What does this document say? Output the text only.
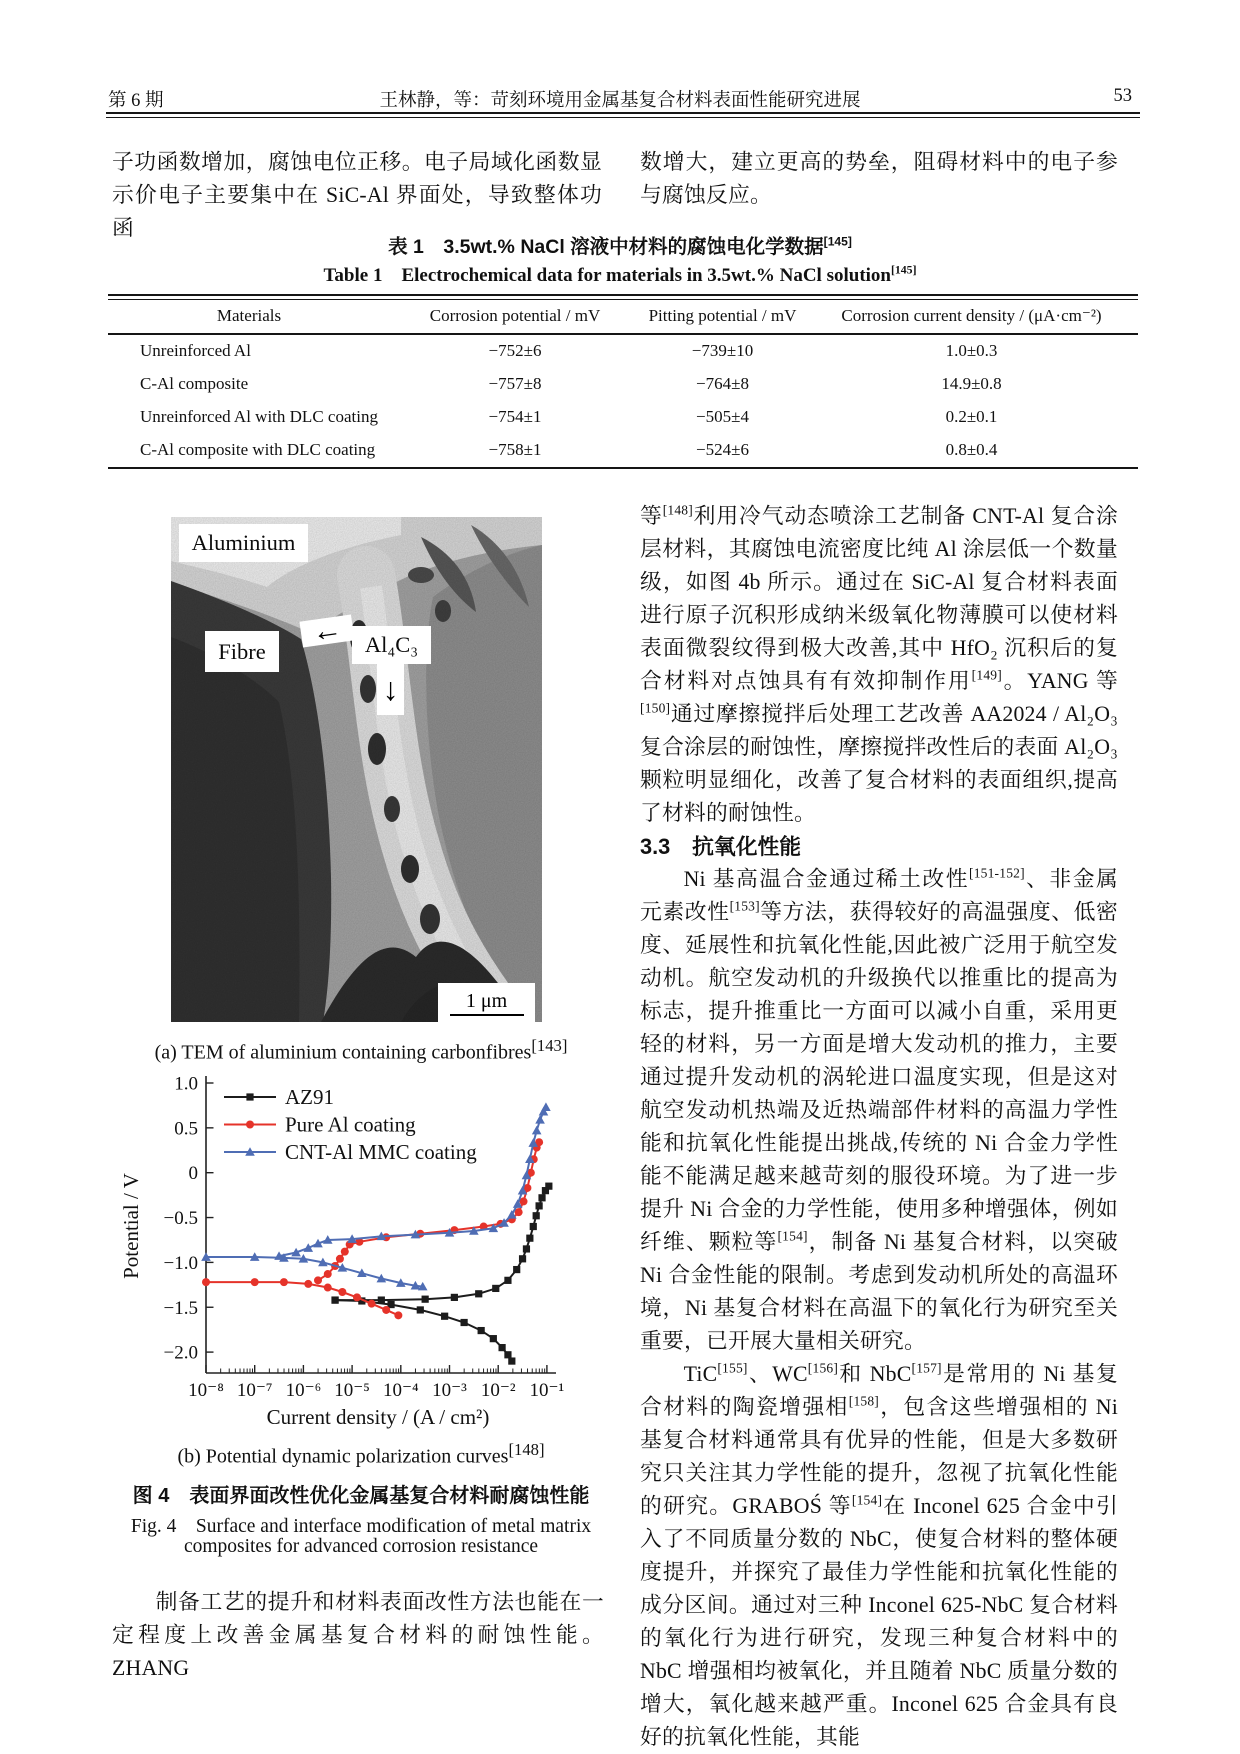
第 6 期	王林静，等：苛刻环境用金属基复合材料表面性能研究进展	53
子功函数增加，腐蚀电位正移。电子局域化函数显示价电子主要集中在 SiC-Al 界面处，导致整体功函
数增大，建立更高的势垒，阻碍材料中的电子参与腐蚀反应。
表 1　3.5wt.% NaCl 溶液中材料的腐蚀电化学数据[145]
Table 1　Electrochemical data for materials in 3.5wt.% NaCl solution[145]
Materials	Corrosion potential / mV	Pitting potential / mV	Corrosion current density / (μA·cm⁻²)
Unreinforced Al	−752±6	−739±10	1.0±0.3
C-Al composite	−757±8	−764±8	14.9±0.8
Unreinforced Al with DLC coating	−754±1	−505±4	0.2±0.1
C-Al composite with DLC coating	−758±1	−524±6	0.8±0.4
Aluminium
Fibre	Al₄C₃
←
↓
1 μm
(a) TEM of aluminium containing carbonfibres[143]
1.0
0.5
0
−0.5
−1.0
−1.5
−2.0
10⁻⁸ 10⁻⁷ 10⁻⁶ 10⁻⁵ 10⁻⁴ 10⁻³ 10⁻² 10⁻¹
Current density / (A / cm²)
Potential / V
AZ91
Pure Al coating
CNT-Al MMC coating
(b) Potential dynamic polarization curves[148]
图 4　表面界面改性优化金属基复合材料耐腐蚀性能
Fig. 4　Surface and interface modification of metal matrix
composites for advanced corrosion resistance
制备工艺的提升和材料表面改性方法也能在一定程度上改善金属基复合材料的耐蚀性能。ZHANG
等[148]利用冷气动态喷涂工艺制备 CNT-Al 复合涂层材料，其腐蚀电流密度比纯 Al 涂层低一个数量级，如图 4b 所示。通过在 SiC-Al 复合材料表面进行原子沉积形成纳米级氧化物薄膜可以使材料表面微裂纹得到极大改善,其中 HfO₂ 沉积后的复合材料对点蚀具有有效抑制作用[149]。YANG 等[150]通过摩擦搅拌后处理工艺改善 AA2024 / Al₂O₃ 复合涂层的耐蚀性，摩擦搅拌改性后的表面 Al₂O₃ 颗粒明显细化，改善了复合材料的表面组织,提高了材料的耐蚀性。
3.3　抗氧化性能
Ni 基高温合金通过稀土改性[151-152]、非金属元素改性[153]等方法，获得较好的高温强度、低密度、延展性和抗氧化性能,因此被广泛用于航空发动机。航空发动机的升级换代以推重比的提高为标志，提升推重比一方面可以减小自重，采用更轻的材料，另一方面是增大发动机的推力，主要通过提升发动机的涡轮进口温度实现，但是这对航空发动机热端及近热端部件材料的高温力学性能和抗氧化性能提出挑战,传统的 Ni 合金力学性能不能满足越来越苛刻的服役环境。为了进一步提升 Ni 合金的力学性能，使用多种增强体，例如纤维、颗粒等[154]，制备 Ni 基复合材料，以突破 Ni 合金性能的限制。考虑到发动机所处的高温环境，Ni 基复合材料在高温下的氧化行为研究至关重要，已开展大量相关研究。
TiC[155]、WC[156]和 NbC[157]是常用的 Ni 基复合材料的陶瓷增强相[158]，包含这些增强相的 Ni 基复合材料通常具有优异的性能，但是大多数研究只关注其力学性能的提升，忽视了抗氧化性能的研究。GRABOŚ 等[154]在 Inconel 625 合金中引入了不同质量分数的 NbC，使复合材料的整体硬度提升，并探究了最佳力学性能和抗氧化性能的成分区间。通过对三种 Inconel 625-NbC 复合材料的氧化行为进行研究，发现三种复合材料中的 NbC 增强相均被氧化，并且随着 NbC 质量分数的增大，氧化越来越严重。Inconel 625 合金具有良好的抗氧化性能，其能
